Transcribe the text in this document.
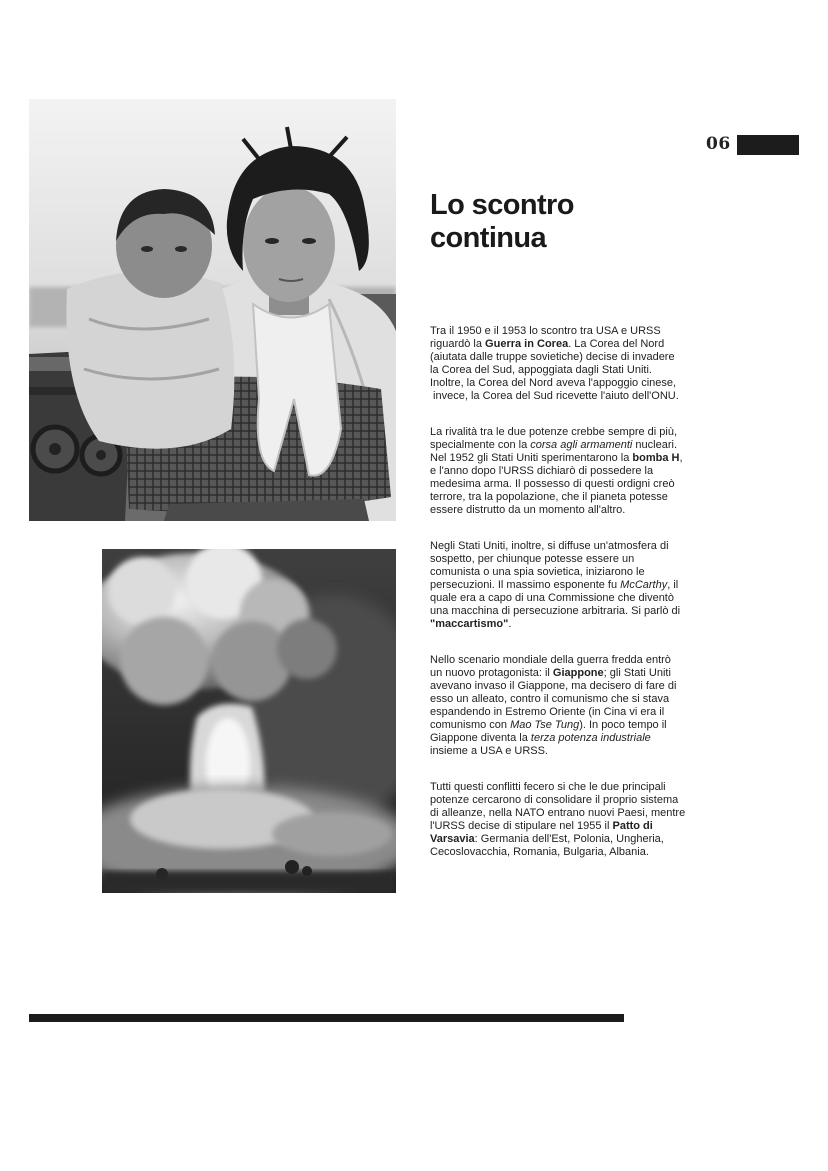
06
Lo scontro
continua
Tra il 1950 e il 1953 lo scontro tra USA e URSS
riguardò la Guerra in Corea. La Corea del Nord
(aiutata dalle truppe sovietiche) decise di invadere
la Corea del Sud, appoggiata dagli Stati Uniti.
Inoltre, la Corea del Nord aveva l'appoggio cinese,
invece, la Corea del Sud ricevette l'aiuto dell'ONU.
La rivalità tra le due potenze crebbe sempre di più,
specialmente con la corsa agli armamenti nucleari.
Nel 1952 gli Stati Uniti sperimentarono la bomba H,
e l'anno dopo l'URSS dichiarò di possedere la
medesima arma. Il possesso di questi ordigni creò
terrore, tra la popolazione, che il pianeta potesse
essere distrutto da un momento all'altro.
Negli Stati Uniti, inoltre, si diffuse un'atmosfera di
sospetto, per chiunque potesse essere un
comunista o una spia sovietica, iniziarono le
persecuzioni. Il massimo esponente fu McCarthy, il
quale era a capo di una Commissione che diventò
una macchina di persecuzione arbitraria. Si parlò di
"maccartismo".
Nello scenario mondiale della guerra fredda entrò
un nuovo protagonista: il Giappone; gli Stati Uniti
avevano invaso il Giappone, ma decisero di fare di
esso un alleato, contro il comunismo che si stava
espandendo in Estremo Oriente (in Cina vi era il
comunismo con Mao Tse Tung). In poco tempo il
Giappone diventa la terza potenza industriale
insieme a USA e URSS.
Tutti questi conflitti fecero si che le due principali
potenze cercarono di consolidare il proprio sistema
di alleanze, nella NATO entrano nuovi Paesi, mentre
l'URSS decise di stipulare nel 1955 il Patto di
Varsavia: Germania dell'Est, Polonia, Ungheria,
Cecoslovacchia, Romania, Bulgaria, Albania.
